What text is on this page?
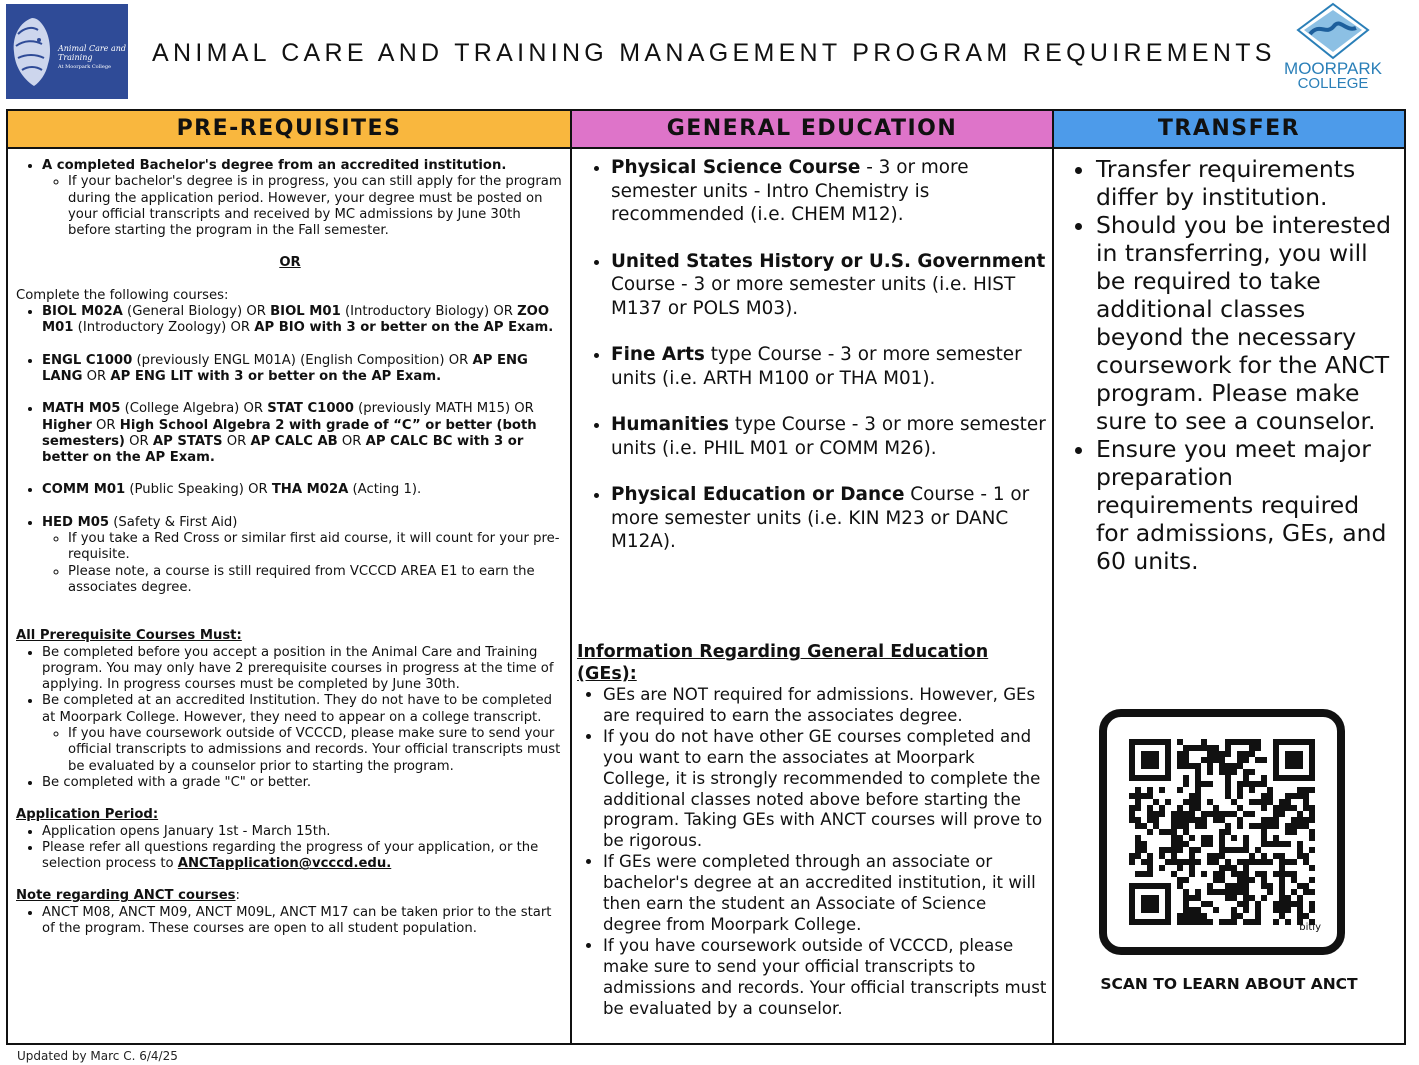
Animal Care and Training
At Moorpark College	ANIMAL CARE AND TRAINING MANAGEMENT PROGRAM REQUIREMENTS
MOORPARK
COLLEGE
PRE-REQUISITES
• A completed Bachelor's degree from an accredited institution.
◦ If your bachelor's degree is in progress, you can still apply for the program during the application period. However, your degree must be posted on your official transcripts and received by MC admissions by June 30th before starting the program in the Fall semester.
OR

Complete the following courses:

• BIOL M02A (General Biology) OR BIOL M01 (Introductory Biology) OR ZOO M01 (Introductory Zoology) OR AP BIO with 3 or better on the AP Exam.
• ENGL C1000 (previously ENGL M01A) (English Composition) OR AP ENG LANG OR AP ENG LIT with 3 or better on the AP Exam.
• MATH M05 (College Algebra) OR STAT C1000 (previously MATH M15) OR Higher OR High School Algebra 2 with grade of “C” or better (both semesters) OR AP STATS OR AP CALC AB OR AP CALC BC with 3 or better on the AP Exam.
• COMM M01 (Public Speaking) OR THA M02A (Acting 1).
• HED M05 (Safety & First Aid)
◦ If you take a Red Cross or similar first aid course, it will count for your pre-requisite.
◦ Please note, a course is still required from VCCCD AREA E1 to earn the associates degree.
All Prerequisite Courses Must:
• Be completed before you accept a position in the Animal Care and Training program. You may only have 2 prerequisite courses in progress at the time of applying. In progress courses must be completed by June 30th.
• Be completed at an accredited Institution. They do not have to be completed at Moorpark College. However, they need to appear on a college transcript.
◦ If you have coursework outside of VCCCD, please make sure to send your official transcripts to admissions and records. Your official transcripts must be evaluated by a counselor prior to starting the program.
• Be completed with a grade "C" or better.
Application Period:
• Application opens January 1st - March 15th.
• Please refer all questions regarding the progress of your application, or the selection process to ANCTapplication@vcccd.edu.
Note regarding ANCT courses:
• ANCT M08, ANCT M09, ANCT M09L, ANCT M17 can be taken prior to the start of the program. These courses are open to all student population.
GENERAL EDUCATION
• Physical Science Course - 3 or more semester units - Intro Chemistry is recommended (i.e. CHEM M12).
• United States History or U.S. Government Course - 3 or more semester units (i.e. HIST M137 or POLS M03).
• Fine Arts type Course - 3 or more semester units (i.e. ARTH M100 or THA M01).
• Humanities type Course - 3 or more semester units (i.e. PHIL M01 or COMM M26).
• Physical Education or Dance Course - 1 or more semester units (i.e. KIN M23 or DANC M12A).
Information Regarding General Education (GEs):
• GEs are NOT required for admissions. However, GEs are required to earn the associates degree.
• If you do not have other GE courses completed and you want to earn the associates at Moorpark College, it is strongly recommended to complete the additional classes noted above before starting the program. Taking GEs with ANCT courses will prove to be rigorous.
• If GEs were completed through an associate or bachelor's degree at an accredited institution, it will then earn the student an Associate of Science degree from Moorpark College.
• If you have coursework outside of VCCCD, please make sure to send your official transcripts to admissions and records. Your official transcripts must be evaluated by a counselor.
TRANSFER
• Transfer requirements differ by institution.
• Should you be interested in transferring, you will be required to take additional classes beyond the necessary coursework for the ANCT program. Please make sure to see a counselor.
• Ensure you meet major preparation requirements required for admissions, GEs, and 60 units.
bitly
SCAN TO LEARN ABOUT ANCT
Updated by Marc C. 6/4/25
